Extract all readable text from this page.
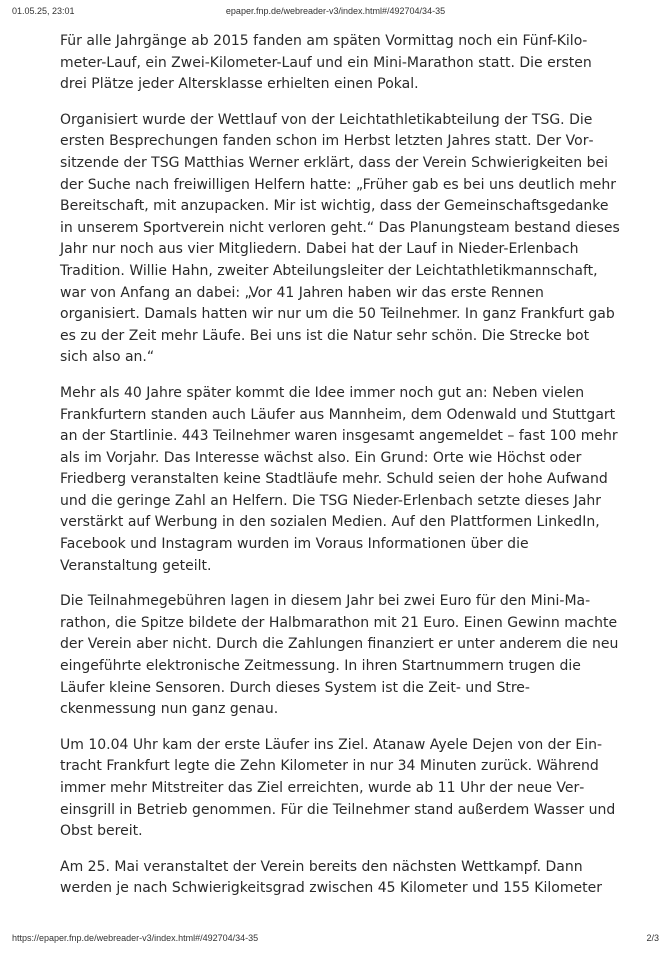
01.05.25, 23:01	epaper.fnp.de/webreader-v3/index.html#/492704/34-35

Für alle Jahrgänge ab 2015 fanden am späten Vormittag noch ein Fünf-Kilometer-Lauf, ein Zwei-Kilometer-Lauf und ein Mini-Marathon statt. Die ersten drei Plätze jeder Altersklasse erhielten einen Pokal.

Organisiert wurde der Wettlauf von der Leichtathletikabteilung der TSG. Die ersten Besprechungen fanden schon im Herbst letzten Jahres statt. Der Vorsitzende der TSG Matthias Werner erklärt, dass der Verein Schwierigkeiten bei der Suche nach freiwilligen Helfern hatte: „Früher gab es bei uns deutlich mehr Bereitschaft, mit anzupacken. Mir ist wichtig, dass der Gemeinschaftsgedanke in unserem Sportverein nicht verloren geht.“ Das Planungsteam bestand dieses Jahr nur noch aus vier Mitgliedern. Dabei hat der Lauf in Nieder-Erlenbach Tradition. Willie Hahn, zweiter Abteilungsleiter der Leichtathletikmannschaft, war von Anfang an dabei: „Vor 41 Jahren haben wir das erste Rennen organisiert. Damals hatten wir nur um die 50 Teilnehmer. In ganz Frankfurt gab es zu der Zeit mehr Läufe. Bei uns ist die Natur sehr schön. Die Strecke bot sich also an.“

Mehr als 40 Jahre später kommt die Idee immer noch gut an: Neben vielen Frankfurtern standen auch Läufer aus Mannheim, dem Odenwald und Stuttgart an der Startlinie. 443 Teilnehmer waren insgesamt angemeldet – fast 100 mehr als im Vorjahr. Das Interesse wächst also. Ein Grund: Orte wie Höchst oder Friedberg veranstalten keine Stadtläufe mehr. Schuld seien der hohe Aufwand und die geringe Zahl an Helfern. Die TSG Nieder-Erlenbach setzte dieses Jahr verstärkt auf Werbung in den sozialen Medien. Auf den Plattformen LinkedIn, Facebook und Instagram wurden im Voraus Informationen über die Veranstaltung geteilt.

Die Teilnahmegebühren lagen in diesem Jahr bei zwei Euro für den Mini-Marathon, die Spitze bildete der Halbmarathon mit 21 Euro. Einen Gewinn machte der Verein aber nicht. Durch die Zahlungen finanziert er unter anderem die neu eingeführte elektronische Zeitmessung. In ihren Startnummern trugen die Läufer kleine Sensoren. Durch dieses System ist die Zeit- und Streckenmessung nun ganz genau.

Um 10.04 Uhr kam der erste Läufer ins Ziel. Atanaw Ayele Dejen von der Eintracht Frankfurt legte die Zehn Kilometer in nur 34 Minuten zurück. Während immer mehr Mitstreiter das Ziel erreichten, wurde ab 11 Uhr der neue Vereinsgrill in Betrieb genommen. Für die Teilnehmer stand außerdem Wasser und Obst bereit.

Am 25. Mai veranstaltet der Verein bereits den nächsten Wettkampf. Dann werden je nach Schwierigkeitsgrad zwischen 45 Kilometer und 155 Kilometer

https://epaper.fnp.de/webreader-v3/index.html#/492704/34-35	2/3
